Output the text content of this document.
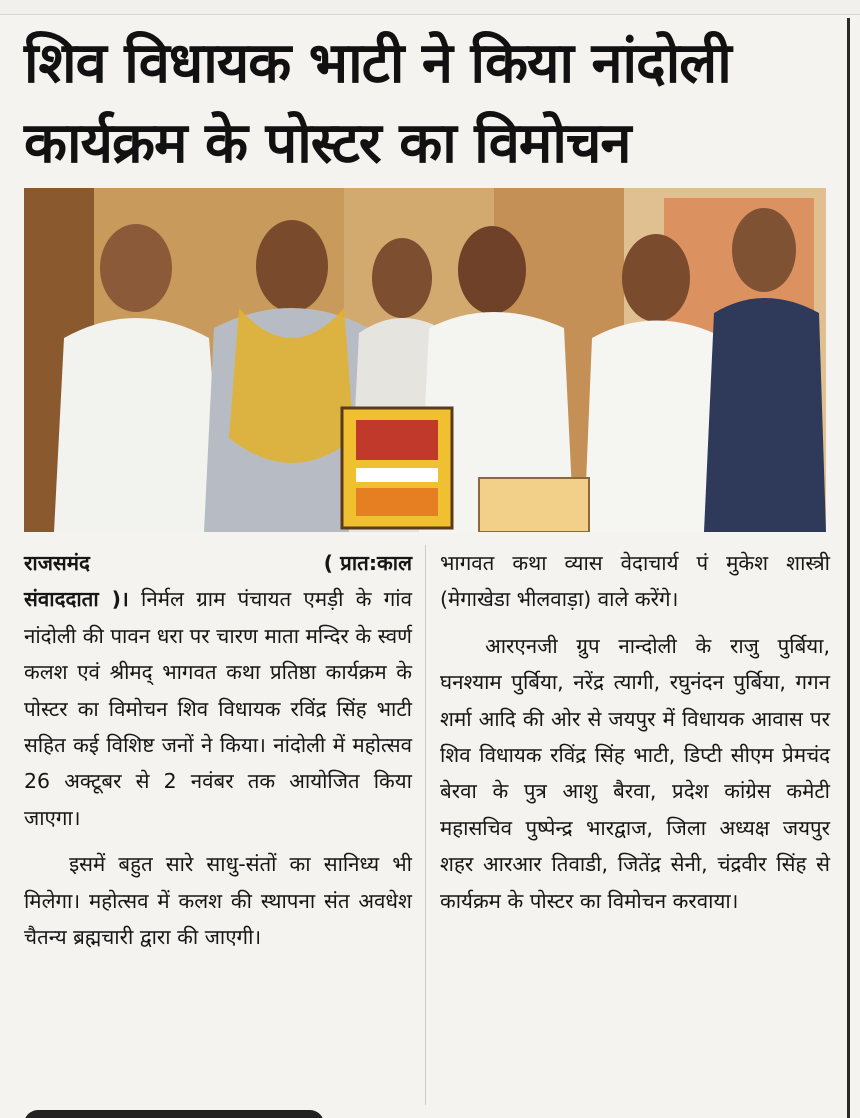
शिव विधायक भाटी ने किया नांदोली
कार्यक्रम के पोस्टर का विमोचन

राजसमंद	( प्रात:काल

संवाददाता )। निर्मल ग्राम पंचायत एमड़ी के गांव नांदोली की पावन धरा पर चारण माता मन्दिर के स्वर्ण कलश एवं श्रीमद् भागवत कथा प्रतिष्ठा कार्यक्रम के पोस्टर का विमोचन शिव विधायक रविंद्र सिंह भाटी सहित कई विशिष्ट जनों ने किया। नांदोली में महोत्सव 26 अक्टूबर से 2 नवंबर तक आयोजित किया जाएगा।

इसमें बहुत सारे साधु-संतों का सानिध्य भी मिलेगा। महोत्सव में कलश की स्थापना संत अवधेश चैतन्य ब्रह्मचारी द्वारा की जाएगी।

भागवत कथा व्यास वेदाचार्य पं मुकेश शास्त्री (मेगाखेडा भीलवाड़ा) वाले करेंगे।

आरएनजी ग्रुप नान्दोली के राजु पुर्बिया, घनश्याम पुर्बिया, नरेंद्र त्यागी, रघुनंदन पुर्बिया, गगन शर्मा आदि की ओर से जयपुर में विधायक आवास पर शिव विधायक रविंद्र सिंह भाटी, डिप्टी सीएम प्रेमचंद बेरवा के पुत्र आशु बैरवा, प्रदेश कांग्रेस कमेटी महासचिव पुष्पेन्द्र भारद्वाज, जिला अध्यक्ष जयपुर शहर आरआर तिवाडी, जितेंद्र सेनी, चंद्रवीर सिंह से कार्यक्रम के पोस्टर का विमोचन करवाया।
